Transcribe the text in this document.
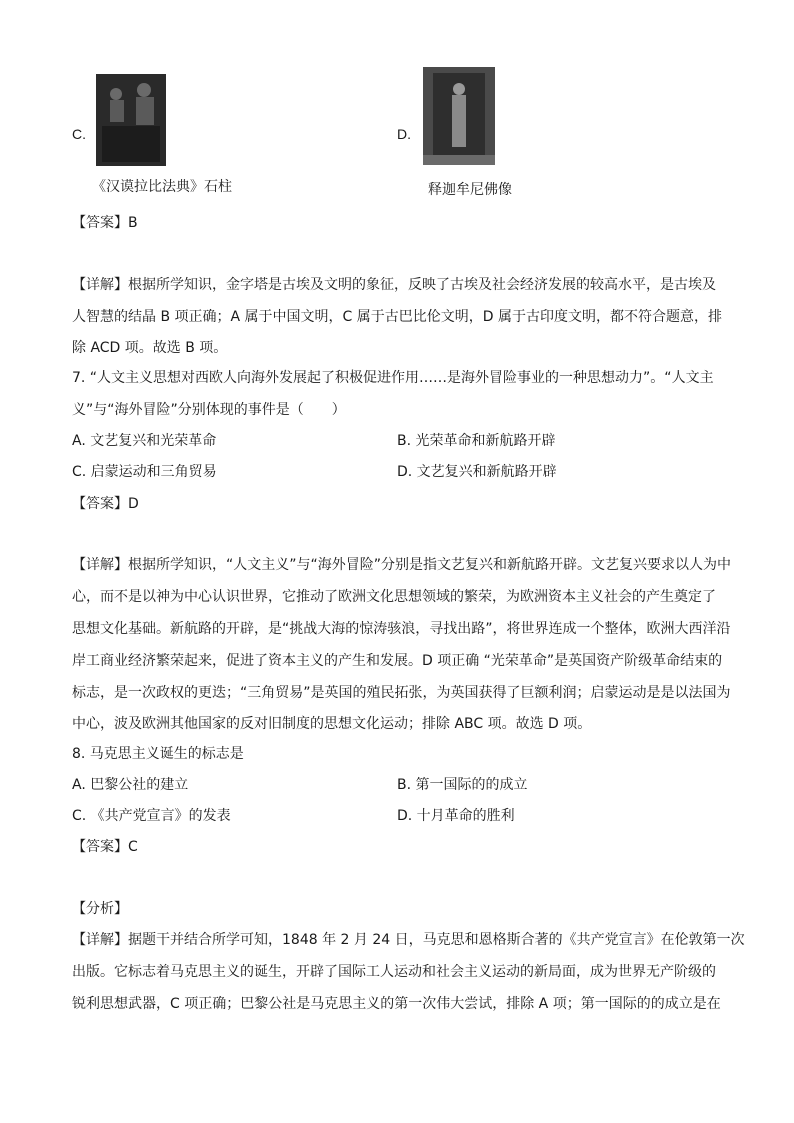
C.
《汉谟拉比法典》石柱
D.
释迦牟尼佛像
【答案】B
【详解】根据所学知识，金字塔是古埃及文明的象征，反映了古埃及社会经济发展的较高水平，是古埃及
人智慧的结晶 B 项正确；A 属于中国文明，C 属于古巴比伦文明，D 属于古印度文明，都不符合题意，排
除 ACD 项。故选 B 项。
7. “人文主义思想对西欧人向海外发展起了积极促进作用……是海外冒险事业的一种思想动力”。“人文主
义”与“海外冒险”分别体现的事件是（　　）
A. 文艺复兴和光荣革命	B. 光荣革命和新航路开辟
C. 启蒙运动和三角贸易	D. 文艺复兴和新航路开辟
【答案】D
【详解】根据所学知识，“人文主义”与“海外冒险”分别是指文艺复兴和新航路开辟。文艺复兴要求以人为中
心，而不是以神为中心认识世界，它推动了欧洲文化思想领域的繁荣，为欧洲资本主义社会的产生奠定了
思想文化基础。新航路的开辟，是“挑战大海的惊涛骇浪，寻找出路”，将世界连成一个整体，欧洲大西洋沿
岸工商业经济繁荣起来，促进了资本主义的产生和发展。D 项正确 “光荣革命”是英国资产阶级革命结束的
标志，是一次政权的更迭；“三角贸易”是英国的殖民拓张，为英国获得了巨额利润；启蒙运动是是以法国为
中心，波及欧洲其他国家的反对旧制度的思想文化运动；排除 ABC 项。故选 D 项。
8. 马克思主义诞生的标志是
A. 巴黎公社的建立	B. 第一国际的的成立
C. 《共产党宣言》的发表	D. 十月革命的胜利
【答案】C
【分析】
【详解】据题干并结合所学可知，1848 年 2 月 24 日，马克思和恩格斯合著的《共产党宣言》在伦敦第一次
出版。它标志着马克思主义的诞生，开辟了国际工人运动和社会主义运动的新局面，成为世界无产阶级的
锐利思想武器，C 项正确；巴黎公社是马克思主义的第一次伟大尝试，排除 A 项；第一国际的的成立是在
